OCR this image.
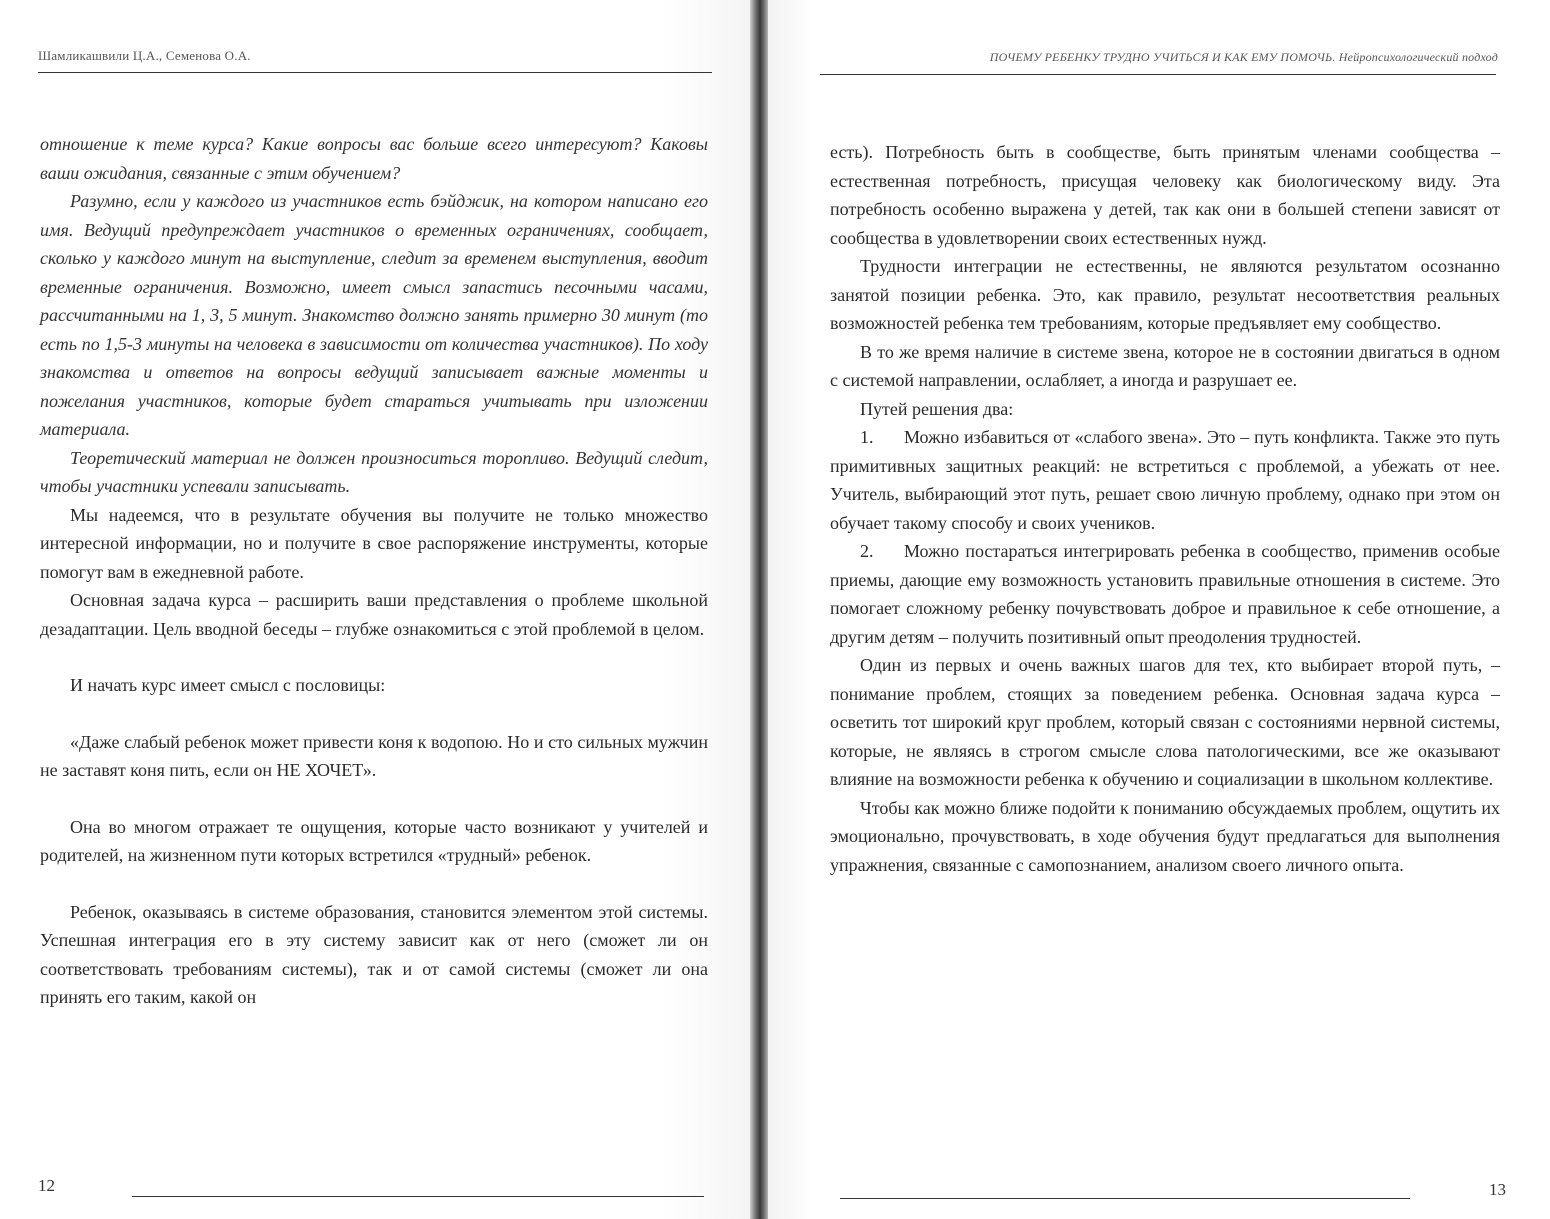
Шамликашвили Ц.А., Семенова О.А.

отношение к теме курса? Какие вопросы вас больше всего интересуют? Каковы ваши ожидания, связанные с этим обучением?

Разумно, если у каждого из участников есть бэйджик, на котором написано его имя. Ведущий предупреждает участников о временных ограничениях, сообщает, сколько у каждого минут на выступление, следит за временем выступления, вводит временные ограничения. Возможно, имеет смысл запастись песочными часами, рассчитанными на 1, 3, 5 минут. Знакомство должно занять примерно 30 минут (то есть по 1,5-3 минуты на человека в зависимости от количества участников). По ходу знакомства и ответов на вопросы ведущий записывает важные моменты и пожелания участников, которые будет стараться учитывать при изложении материала.

Теоретический материал не должен произноситься торопливо. Ведущий следит, чтобы участники успевали записывать.

Мы надеемся, что в результате обучения вы получите не только множество интересной информации, но и получите в свое распоряжение инструменты, которые помогут вам в ежедневной работе.

Основная задача курса – расширить ваши представления о проблеме школьной дезадаптации. Цель вводной беседы – глубже ознакомиться с этой проблемой в целом.

И начать курс имеет смысл с пословицы:

«Даже слабый ребенок может привести коня к водопою. Но и сто сильных мужчин не заставят коня пить, если он НЕ ХОЧЕТ».

Она во многом отражает те ощущения, которые часто возникают у учителей и родителей, на жизненном пути которых встретился «трудный» ребенок.

Ребенок, оказываясь в системе образования, становится элементом этой системы. Успешная интеграция его в эту систему зависит как от него (сможет ли он соответствовать требованиям системы), так и от самой системы (сможет ли она принять его таким, какой он

12
ПОЧЕМУ РЕБЕНКУ ТРУДНО УЧИТЬСЯ И КАК ЕМУ ПОМОЧЬ. Нейропсихологический подход

есть). Потребность быть в сообществе, быть принятым членами сообщества – естественная потребность, присущая человеку как биологическому виду. Эта потребность особенно выражена у детей, так как они в большей степени зависят от сообщества в удовлетворении своих естественных нужд.

Трудности интеграции не естественны, не являются результатом осознанно занятой позиции ребенка. Это, как правило, результат несоответствия реальных возможностей ребенка тем требованиям, которые предъявляет ему сообщество.

В то же время наличие в системе звена, которое не в состоянии двигаться в одном с системой направлении, ослабляет, а иногда и разрушает ее.

Путей решения два:

1. Можно избавиться от «слабого звена». Это – путь конфликта. Также это путь примитивных защитных реакций: не встретиться с проблемой, а убежать от нее. Учитель, выбирающий этот путь, решает свою личную проблему, однако при этом он обучает такому способу и своих учеников.

2. Можно постараться интегрировать ребенка в сообщество, применив особые приемы, дающие ему возможность установить правильные отношения в системе. Это помогает сложному ребенку почувствовать доброе и правильное к себе отношение, а другим детям – получить позитивный опыт преодоления трудностей.

Один из первых и очень важных шагов для тех, кто выбирает второй путь, – понимание проблем, стоящих за поведением ребенка. Основная задача курса – осветить тот широкий круг проблем, который связан с состояниями нервной системы, которые, не являясь в строгом смысле слова патологическими, все же оказывают влияние на возможности ребенка к обучению и социализации в школьном коллективе.

Чтобы как можно ближе подойти к пониманию обсуждаемых проблем, ощутить их эмоционально, прочувствовать, в ходе обучения будут предлагаться для выполнения упражнения, связанные с самопознанием, анализом своего личного опыта.

13
